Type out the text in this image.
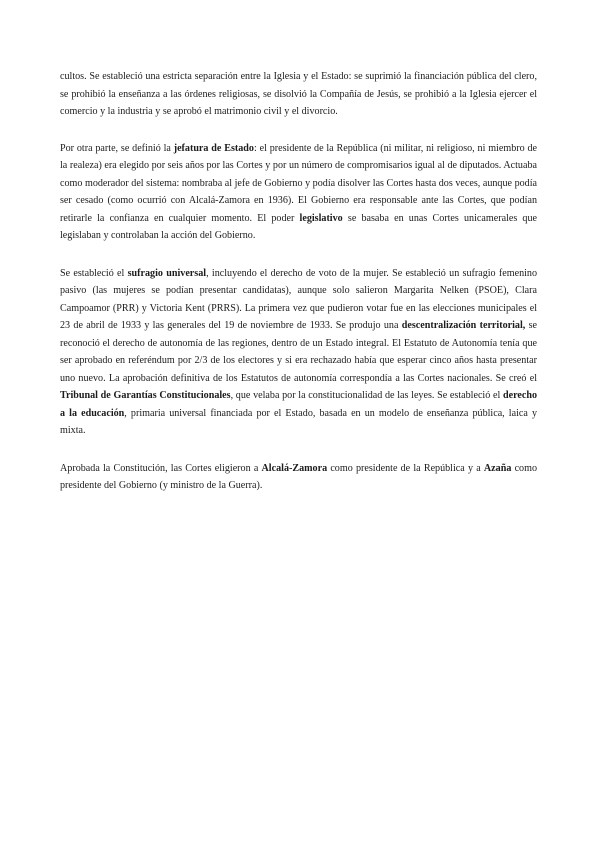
cultos. Se estableció una estricta separación entre la Iglesia y el Estado: se suprimió la financiación pública del clero, se prohibió la enseñanza a las órdenes religiosas, se disolvió la Compañía de Jesús, se prohibió a la Iglesia ejercer el comercio y la industria y se aprobó el matrimonio civil y el divorcio.

Por otra parte, se definió la jefatura de Estado: el presidente de la República (ni militar, ni religioso, ni miembro de la realeza) era elegido por seis años por las Cortes y por un número de compromisarios igual al de diputados. Actuaba como moderador del sistema: nombraba al jefe de Gobierno y podía disolver las Cortes hasta dos veces, aunque podía ser cesado (como ocurrió con Alcalá-Zamora en 1936). El Gobierno era responsable ante las Cortes, que podían retirarle la confianza en cualquier momento. El poder legislativo se basaba en unas Cortes unicamerales que legislaban y controlaban la acción del Gobierno.

Se estableció el sufragio universal, incluyendo el derecho de voto de la mujer. Se estableció un sufragio femenino pasivo (las mujeres se podían presentar candidatas), aunque solo salieron Margarita Nelken (PSOE), Clara Campoamor (PRR) y Victoria Kent (PRRS). La primera vez que pudieron votar fue en las elecciones municipales el 23 de abril de 1933 y las generales del 19 de noviembre de 1933. Se produjo una descentralización territorial, se reconoció el derecho de autonomía de las regiones, dentro de un Estado integral. El Estatuto de Autonomía tenía que ser aprobado en referéndum por 2/3 de los electores y si era rechazado había que esperar cinco años hasta presentar uno nuevo. La aprobación definitiva de los Estatutos de autonomía correspondía a las Cortes nacionales. Se creó el Tribunal de Garantías Constitucionales, que velaba por la constitucionalidad de las leyes. Se estableció el derecho a la educación, primaria universal financiada por el Estado, basada en un modelo de enseñanza pública, laica y mixta.

Aprobada la Constitución, las Cortes eligieron a Alcalá-Zamora como presidente de la República y a Azaña como presidente del Gobierno (y ministro de la Guerra).
